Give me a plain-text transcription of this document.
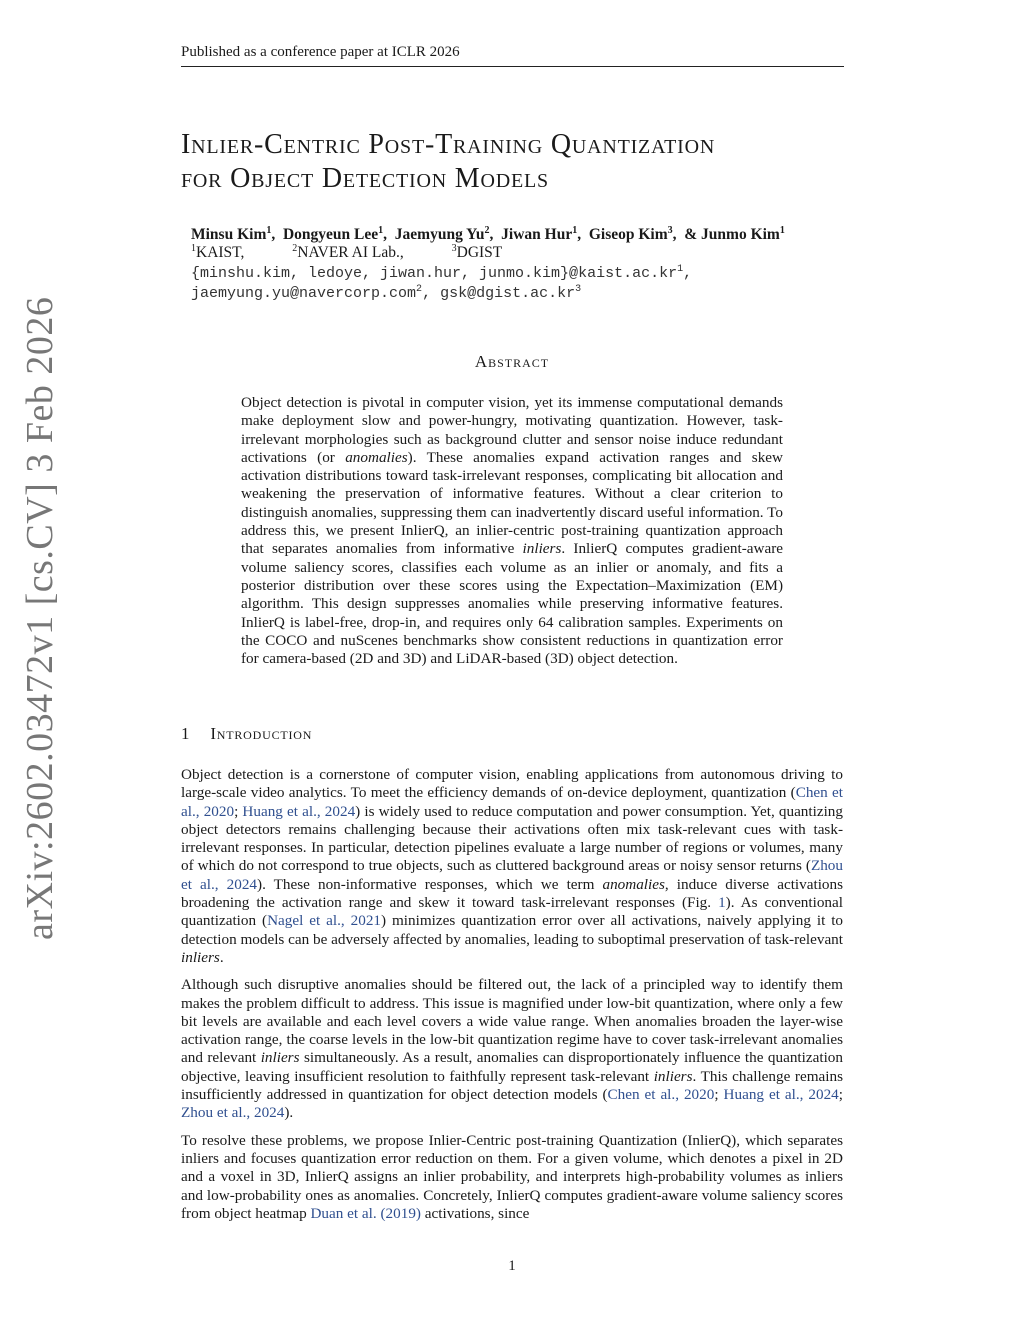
Published as a conference paper at ICLR 2026
arXiv:2602.03472v1 [cs.CV] 3 Feb 2026
Inlier-Centric Post-Training Quantization
for Object Detection Models
Minsu Kim$^1$,  Dongyeun Lee$^1$,  Jaemyung Yu$^2$,  Jiwan Hur$^1$,  Giseop Kim$^3$,  & Junmo Kim$^1$
$^1$KAIST,	$^2$NAVER AI Lab.,	$^3$DGIST
{minshu.kim, ledoye, jiwan.hur, $junmo.kim\}@kaist.ac.kr^1$,
jaemyung.yu@navercorp.com$^2$, $gsk@dgist.ac.kr^3$
Abstract
Object detection is pivotal in computer vision, yet its immense computational demands make deployment slow and power-hungry, motivating quantization. However, task-irrelevant morphologies such as background clutter and sensor noise induce redundant activations (or anomalies). These anomalies expand activation ranges and skew activation distributions toward task-irrelevant responses, complicating bit allocation and weakening the preservation of informative features. Without a clear criterion to distinguish anomalies, suppressing them can inadvertently discard useful information. To address this, we present InlierQ, an inlier-centric post-training quantization approach that separates anomalies from informative inliers. InlierQ computes gradient-aware volume saliency scores, classifies each volume as an inlier or anomaly, and fits a posterior distribution over these scores using the Expectation–Maximization (EM) algorithm. This design suppresses anomalies while preserving informative features. InlierQ is label-free, drop-in, and requires only 64 calibration samples. Experiments on the COCO and nuScenes benchmarks show consistent reductions in quantization error for camera-based (2D and 3D) and LiDAR-based (3D) object detection.
1 Introduction

Object detection is a cornerstone of computer vision, enabling applications from autonomous driving to large-scale video analytics. To meet the efficiency demands of on-device deployment, quantization (Chen et al., 2020; Huang et al., 2024) is widely used to reduce computation and power consumption. Yet, quantizing object detectors remains challenging because their activations often mix task-relevant cues with task-irrelevant responses. In particular, detection pipelines evaluate a large number of regions or volumes, many of which do not correspond to true objects, such as cluttered background areas or noisy sensor returns (Zhou et al., 2024). These non-informative responses, which we term anomalies, induce diverse activations broadening the activation range and skew it toward task-irrelevant responses (Fig. 1). As conventional quantization (Nagel et al., 2021) minimizes quantization error over all activations, naively applying it to detection models can be adversely affected by anomalies, leading to suboptimal preservation of task-relevant inliers.

Although such disruptive anomalies should be filtered out, the lack of a principled way to identify them makes the problem difficult to address. This issue is magnified under low-bit quantization, where only a few bit levels are available and each level covers a wide value range. When anomalies broaden the layer-wise activation range, the coarse levels in the low-bit quantization regime have to cover task-irrelevant anomalies and relevant inliers simultaneously. As a result, anomalies can disproportionately influence the quantization objective, leaving insufficient resolution to faithfully represent task-relevant inliers. This challenge remains insufficiently addressed in quantization for object detection models (Chen et al., 2020; Huang et al., 2024; Zhou et al., 2024).

To resolve these problems, we propose Inlier-Centric post-training Quantization (InlierQ), which separates inliers and focuses quantization error reduction on them. For a given volume, which denotes a pixel in 2D and a voxel in 3D, InlierQ assigns an inlier probability, and interprets high-probability volumes as inliers and low-probability ones as anomalies. Concretely, InlierQ computes gradient-aware volume saliency scores from object heatmap Duan et al. (2019) activations, since

1
